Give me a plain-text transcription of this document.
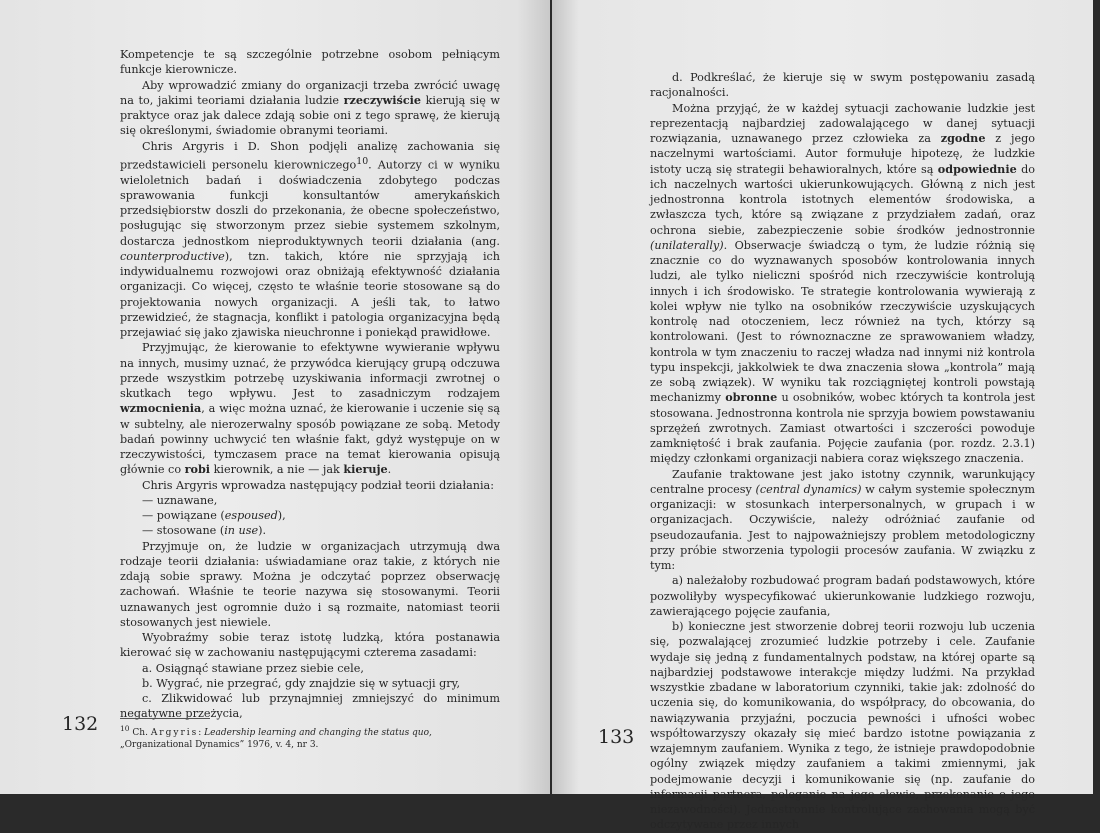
Kompetencje te są szczególnie potrzebne osobom pełniącym funkcje kierownicze.

Aby wprowadzić zmiany do organizacji trzeba zwrócić uwagę na to, jakimi teoriami działania ludzie rzeczywiście kierują się w praktyce oraz jak dalece zdają sobie oni z tego sprawę, że kierują się określonymi, świadomie obranymi teoriami.

Chris Argyris i D. Shon podjęli analizę zachowania się przedstawicieli personelu kierowniczego$^{10}$. Autorzy ci w wyniku wieloletnich badań i doświadczenia zdobytego podczas sprawowania funkcji konsultantów amerykańskich przedsiębiorstw doszli do przekonania, że obecne społeczeństwo, posługując się stworzonym przez siebie systemem szkolnym, dostarcza jednostkom nieproduktywnych teorii działania (ang. counterproductive), tzn. takich, które nie sprzyjają ich indywidualnemu rozwojowi oraz obniżają efektywność działania organizacji. Co więcej, często te właśnie teorie stosowane są do projektowania nowych organizacji. A jeśli tak, to łatwo przewidzieć, że stagnacja, konflikt i patologia organizacyjna będą przejawiać się jako zjawiska nieuchronne i poniekąd prawidłowe.

Przyjmując, że kierowanie to efektywne wywieranie wpływu na innych, musimy uznać, że przywódca kierujący grupą odczuwa przede wszystkim potrzebę uzyskiwania informacji zwrotnej o skutkach tego wpływu. Jest to zasadniczym rodzajem wzmocnienia, a więc można uznać, że kierowanie i uczenie się są w subtelny, ale nierozerwalny sposób powiązane ze sobą. Metody badań powinny uchwycić ten właśnie fakt, gdyż występuje on w rzeczywistości, tymczasem prace na temat kierowania opisują głównie co robi kierownik, a nie — jak kieruje.

Chris Argyris wprowadza następujący podział teorii działania:

— uznawane,

— powiązane (espoused),

— stosowane (in use).

Przyjmuje on, że ludzie w organizacjach utrzymują dwa rodzaje teorii działania: uświadamiane oraz takie, z których nie zdają sobie sprawy. Można je odczytać poprzez obserwację zachowań. Właśnie te teorie nazywa się stosowanymi. Teorii uznawanych jest ogromnie dużo i są rozmaite, natomiast teorii stosowanych jest niewiele.

Wyobraźmy sobie teraz istotę ludzką, która postanawia kierować się w zachowaniu następującymi czterema zasadami:

a. Osiągnąć stawiane przez siebie cele,

b. Wygrać, nie przegrać, gdy znajdzie się w sytuacji gry,

c. Zlikwidować lub przynajmniej zmniejszyć do minimum negatywne przeżycia,

132	$^{10}$ Ch. Argyris: Leadership learning and changing the status quo, „Organizational Dynamics” 1976, v. 4, nr 3.

d. Podkreślać, że kieruje się w swym postępowaniu zasadą racjonalności.

Można przyjąć, że w każdej sytuacji zachowanie ludzkie jest reprezentacją najbardziej zadowalającego w danej sytuacji rozwiązania, uznawanego przez człowieka za zgodne z jego naczelnymi wartościami. Autor formułuje hipotezę, że ludzkie istoty uczą się strategii behawioralnych, które są odpowiednie do ich naczelnych wartości ukierunkowujących. Główną z nich jest jednostronna kontrola istotnych elementów środowiska, a zwłaszcza tych, które są związane z przydziałem zadań, oraz ochrona siebie, zabezpieczenie sobie środków jednostronnie (unilaterally). Obserwacje świadczą o tym, że ludzie różnią się znacznie co do wyznawanych sposobów kontrolowania innych ludzi, ale tylko nieliczni spośród nich rzeczywiście kontrolują innych i ich środowisko. Te strategie kontrolowania wywierają z kolei wpływ nie tylko na osobników rzeczywiście uzyskujących kontrolę nad otoczeniem, lecz również na tych, którzy są kontrolowani. (Jest to równoznaczne ze sprawowaniem władzy, kontrola w tym znaczeniu to raczej władza nad innymi niż kontrola typu inspekcji, jakkolwiek te dwa znaczenia słowa „kontrola” mają ze sobą związek). W wyniku tak rozciągniętej kontroli powstają mechanizmy obronne u osobników, wobec których ta kontrola jest stosowana. Jednostronna kontrola nie sprzyja bowiem powstawaniu sprzężeń zwrotnych. Zamiast otwartości i szczerości powoduje zamkniętość i brak zaufania. Pojęcie zaufania (por. rozdz. 2.3.1) między członkami organizacji nabiera coraz większego znaczenia.

Zaufanie traktowane jest jako istotny czynnik, warunkujący centralne procesy (central dynamics) w całym systemie społecznym organizacji: w stosunkach interpersonalnych, w grupach i w organizacjach. Oczywiście, należy odróżniać zaufanie od pseudozaufania. Jest to najpoważniejszy problem metodologiczny przy próbie stworzenia typologii procesów zaufania. W związku z tym:

a) należałoby rozbudować program badań podstawowych, które pozwoliłyby wyspecyfikować ukierunkowanie ludzkiego rozwoju, zawierającego pojęcie zaufania,

b) konieczne jest stworzenie dobrej teorii rozwoju lub uczenia się, pozwalającej zrozumieć ludzkie potrzeby i cele. Zaufanie wydaje się jedną z fundamentalnych podstaw, na której oparte są najbardziej podstawowe interakcje między ludźmi. Na przykład wszystkie zbadane w laboratorium czynniki, takie jak: zdolność do uczenia się, do komunikowania, do współpracy, do obcowania, do nawiązywania przyjaźni, poczucia pewności i ufności wobec współtowarzyszy okazały się mieć bardzo istotne powiązania z wzajemnym zaufaniem. Wynika z tego, że istnieje prawdopodobnie ogólny związek między zaufaniem a takimi zmiennymi, jak podejmowanie decyzji i komunikowanie się (np. zaufanie do informacji partnera, poleganie na jego słowie, przekonanie o jego niezawodności). Jednostronnie kontrolujące zachowania mogą być odczytywane przez innych

133
